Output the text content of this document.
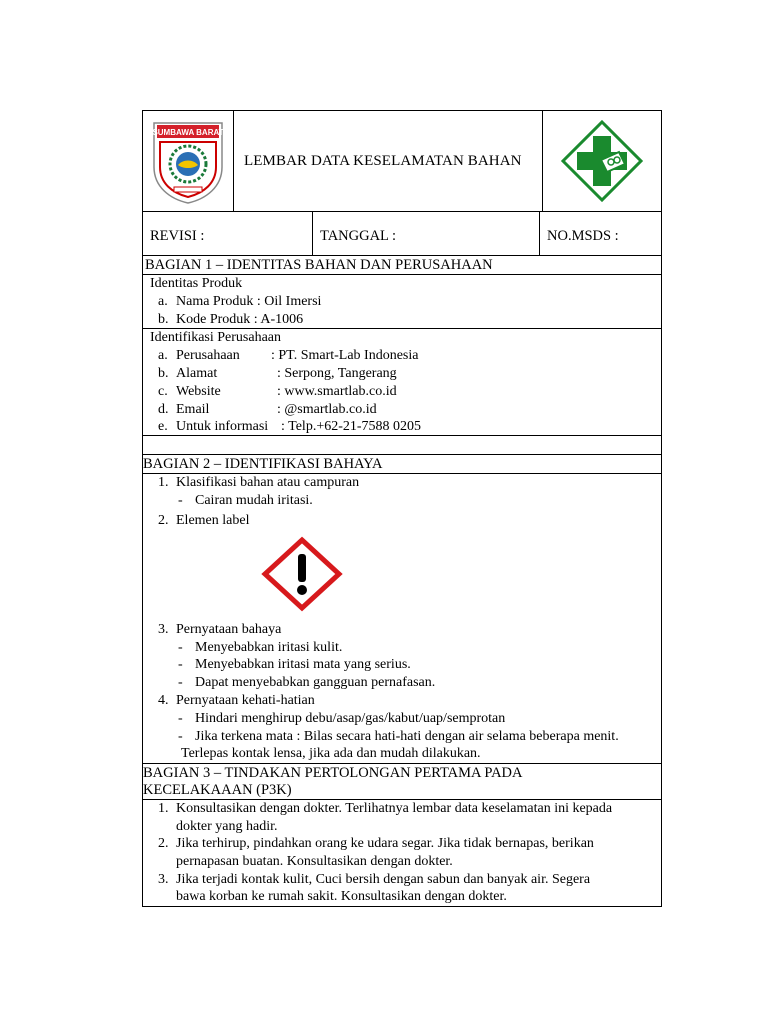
SUMBAWA BARAT
LEMBAR DATA KESELAMATAN BAHAN
REVISI :	TANGGAL :	NO.MSDS :
BAGIAN 1 – IDENTITAS BAHAN DAN PERUSAHAAN
Identitas Produk
a. Nama Produk : Oil Imersi
b. Kode Produk : A-1006
Identifikasi Perusahaan
a. Perusahaan : PT. Smart-Lab Indonesia
b. Alamat	: Serpong, Tangerang
c. Website	: www.smartlab.co.id
d. Email	: @smartlab.co.id
e. Untuk informasi : Telp.+62-21-7588 0205
BAGIAN 2 – IDENTIFIKASI BAHAYA
1. Klasifikasi bahan atau campuran
- Cairan mudah iritasi.
2. Elemen label
3. Pernyataan bahaya
- Menyebabkan iritasi kulit.
- Menyebabkan iritasi mata yang serius.
- Dapat menyebabkan gangguan pernafasan.
4. Pernyataan kehati-hatian
- Hindari menghirup debu/asap/gas/kabut/uap/semprotan
- Jika terkena mata : Bilas secara hati-hati dengan air selama beberapa menit.
Terlepas kontak lensa, jika ada dan mudah dilakukan.
BAGIAN 3 – TINDAKAN PERTOLONGAN PERTAMA PADA
KECELAKAAAN (P3K)
1. Konsultasikan dengan dokter. Terlihatnya lembar data keselamatan ini kepada
dokter yang hadir.
2. Jika terhirup, pindahkan orang ke udara segar. Jika tidak bernapas, berikan
pernapasan buatan. Konsultasikan dengan dokter.
3. Jika terjadi kontak kulit, Cuci bersih dengan sabun dan banyak air. Segera
bawa korban ke rumah sakit. Konsultasikan dengan dokter.
